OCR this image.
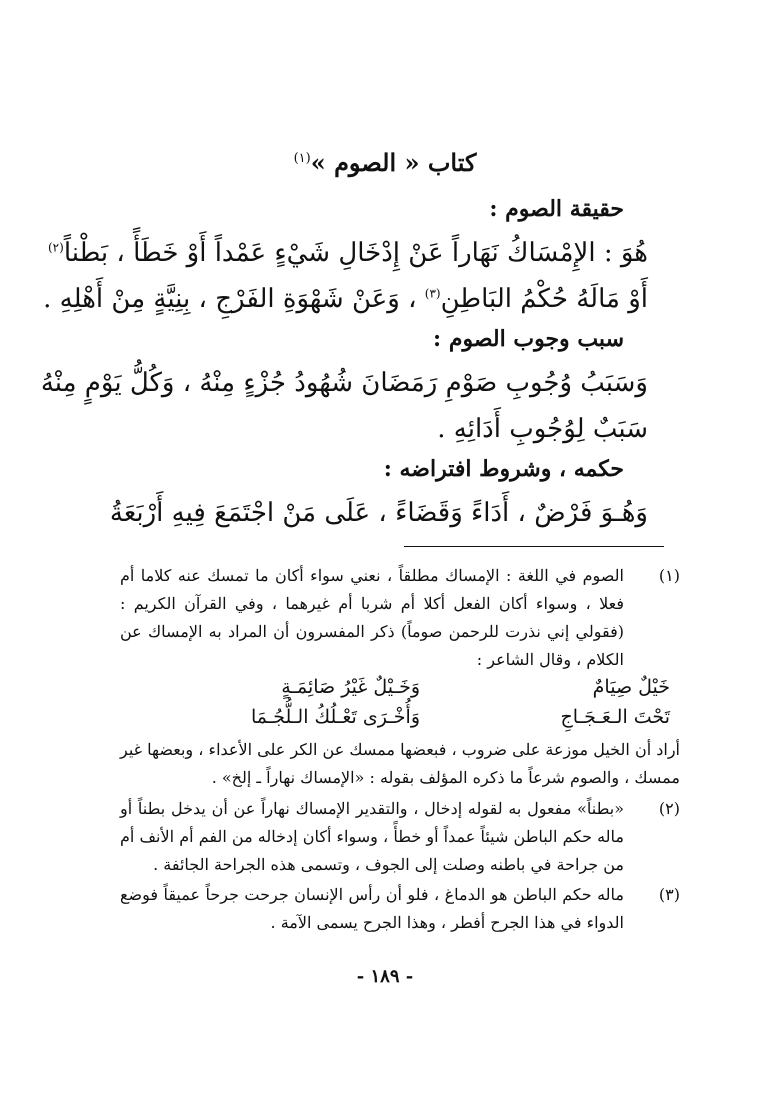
كتاب « الصوم »$^{(١)}$
حقيقة الصوم :
هُوَ : الإِمْسَاكُ نَهَاراً عَنْ إِدْخَالِ شَيْءٍ عَمْداً أَوْ خَطَأً ، بَطْناً$^{(٢)}$
أَوْ مَالَهُ حُكْمُ البَاطِنِ$^{(٣)}$ ، وَعَنْ شَهْوَةِ الفَرْجِ ، بِنِيَّةٍ مِنْ أَهْلِهِ .
سبب وجوب الصوم :
وَسَبَبُ وُجُوبِ صَوْمِ رَمَضَانَ شُهُودُ جُزْءٍ مِنْهُ ، وَكُلُّ يَوْمٍ مِنْهُ
سَبَبٌ لِوُجُوبِ أَدَائِهِ .
حكمه ، وشروط افتراضه :
وَهُـوَ فَرْضٌ ، أَدَاءً وَقَضَاءً ، عَلَى مَنْ اجْتَمَعَ فِيهِ أَرْبَعَةُ
(١)
الصوم في اللغة : الإمساك مطلقاً ، نعني سواء أكان ما تمسك عنه كلاما أم فعلا ، وسواء أكان الفعل أكلا أم شربا أم غيرهما ، وفي القرآن الكريم : (فقولي إني نذرت للرحمن صوماً) ذكر المفسرون أن المراد به الإمساك عن الكلام ، وقال الشاعر :
خَيْلٌ صِيَامٌ
وَخَـيْلٌ غَيْرُ صَائِمَـةٍ
تَحْتَ الـعَـجَـاجِ
وَأُخْـرَى تَعْـلُكُ الـلُّجُـمَا
أراد أن الخيل موزعة على ضروب ، فبعضها ممسك عن الكر على الأعداء ، وبعضها غير ممسك ، والصوم شرعاً ما ذكره المؤلف بقوله : «الإمساك نهاراً ـ إلخ» .
(٢)
«بطناً» مفعول به لقوله إدخال ، والتقدير الإمساك نهاراً عن أن يدخل بطناً أو ماله حكم الباطن شيئاً عمداً أو خطأً ، وسواء أكان إدخاله من الفم أم الأنف أم من جراحة في باطنه وصلت إلى الجوف ، وتسمى هذه الجراحة الجائفة .
(٣)
ماله حكم الباطن هو الدماغ ، فلو أن رأس الإنسان جرحت جرحاً عميقاً فوضع الدواء في هذا الجرح أفطر ، وهذا الجرح يسمى الآمة .
- ١٨٩ -
